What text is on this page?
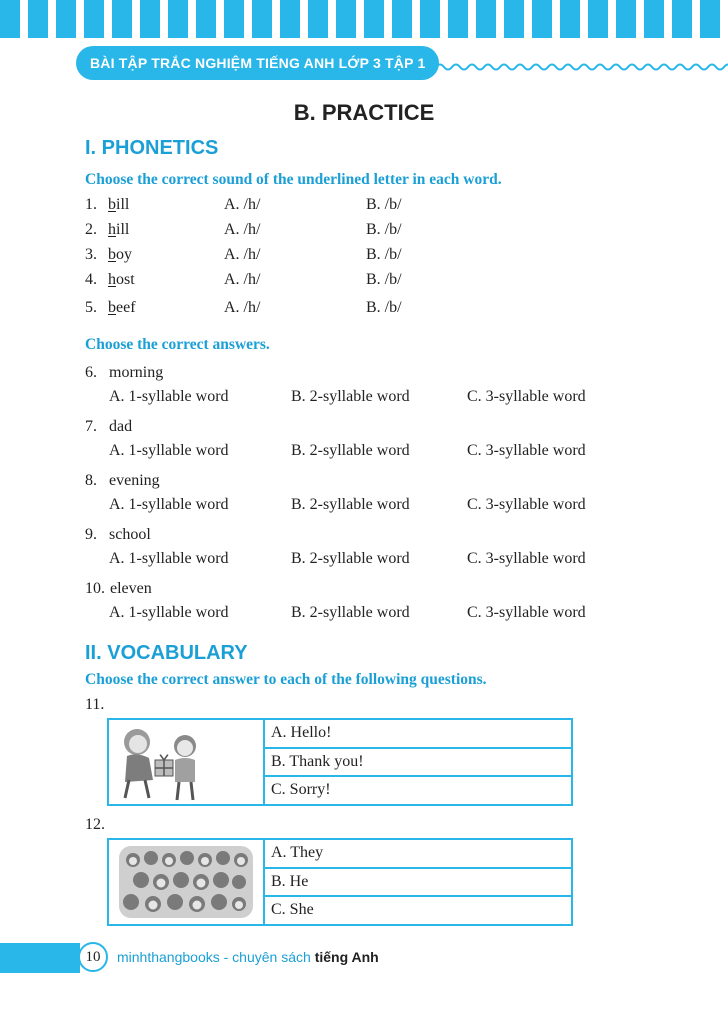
BÀI TẬP TRẮC NGHIỆM TIẾNG ANH LỚP 3 TẬP 1
B. PRACTICE
I. PHONETICS
Choose the correct sound of the underlined letter in each word.
1. bill	A. /h/	B. /b/
2. hill	A. /h/	B. /b/
3. boy	A. /h/	B. /b/
4. host	A. /h/	B. /b/
5. beef	A. /h/	B. /b/
Choose the correct answers.
6. morning
A. 1-syllable word	B. 2-syllable word	C. 3-syllable word
7. dad
A. 1-syllable word	B. 2-syllable word	C. 3-syllable word
8. evening
A. 1-syllable word	B. 2-syllable word	C. 3-syllable word
9. school
A. 1-syllable word	B. 2-syllable word	C. 3-syllable word
10. eleven
A. 1-syllable word	B. 2-syllable word	C. 3-syllable word
II. VOCABULARY
Choose the correct answer to each of the following questions.
11.
A. Hello!
B. Thank you!
C. Sorry!
12.
A. They
B. He
C. She
10	minhthangbooks - chuyên sách tiếng Anh
